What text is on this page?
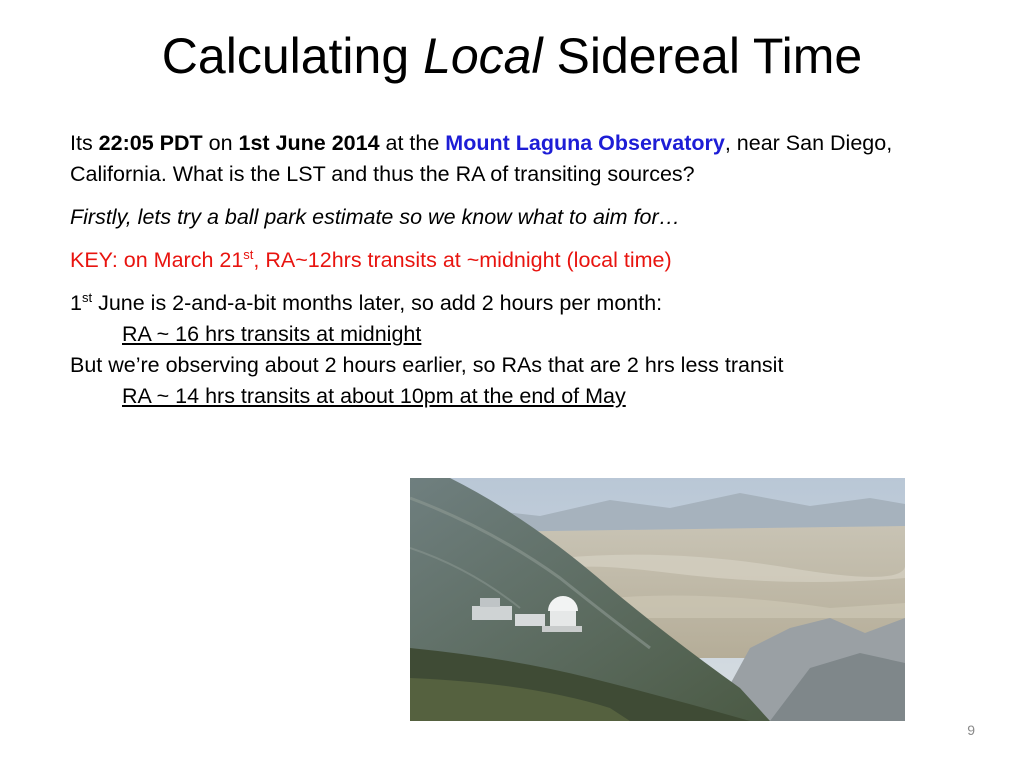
Calculating Local Sidereal Time

Its 22:05 PDT on 1st June 2014 at the Mount Laguna Observatory, near San Diego, California. What is the LST and thus the RA of transiting sources?

Firstly, lets try a ball park estimate so we know what to aim for…

KEY: on March 21st, RA~12hrs transits at ~midnight (local time)

1st June is 2-and-a-bit months later, so add 2 hours per month:

RA ~ 16 hrs transits at midnight

But we’re observing about 2 hours earlier, so RAs that are 2 hrs less transit

RA ~ 14 hrs transits at about 10pm at the end of May

9
